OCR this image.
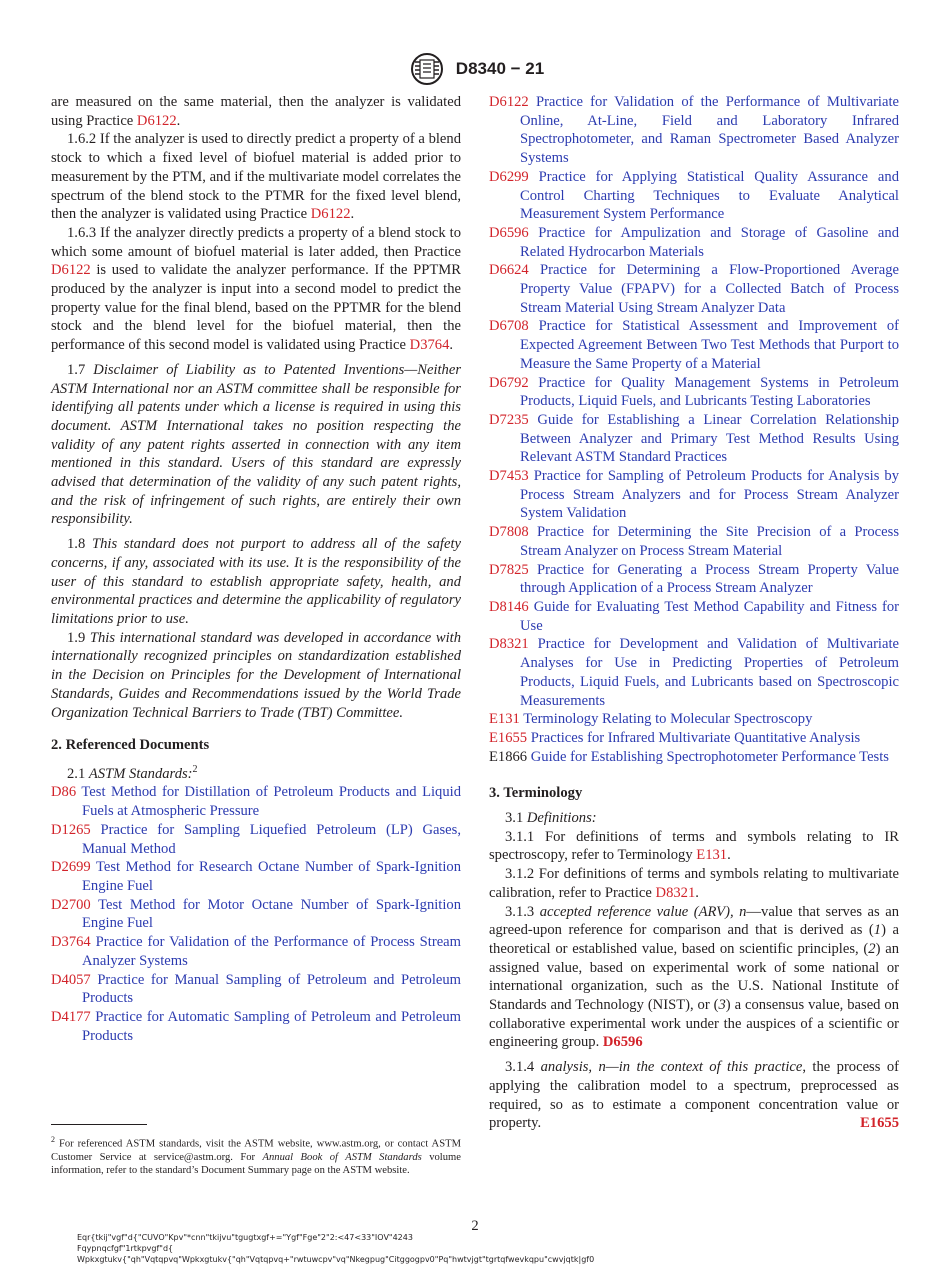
D8340 − 21

are measured on the same material, then the analyzer is validated using Practice D6122.

1.6.2 If the analyzer is used to directly predict a property of a blend stock to which a fixed level of biofuel material is added prior to measurement by the PTM, and if the multivariate model correlates the spectrum of the blend stock to the PTMR for the fixed level blend, then the analyzer is validated using Practice D6122.

1.6.3 If the analyzer directly predicts a property of a blend stock to which some amount of biofuel material is later added, then Practice D6122 is used to validate the analyzer performance. If the PPTMR produced by the analyzer is input into a second model to predict the property value for the final blend, based on the PPTMR for the blend stock and the blend level for the biofuel material, then the performance of this second model is validated using Practice D3764.

1.7 Disclaimer of Liability as to Patented Inventions—Neither ASTM International nor an ASTM committee shall be responsible for identifying all patents under which a license is required in using this document. ASTM International takes no position respecting the validity of any patent rights asserted in connection with any item mentioned in this standard. Users of this standard are expressly advised that determination of the validity of any such patent rights, and the risk of infringement of such rights, are entirely their own responsibility.

1.8 This standard does not purport to address all of the safety concerns, if any, associated with its use. It is the responsibility of the user of this standard to establish appropriate safety, health, and environmental practices and determine the applicability of regulatory limitations prior to use.

1.9 This international standard was developed in accordance with internationally recognized principles on standardization established in the Decision on Principles for the Development of International Standards, Guides and Recommendations issued by the World Trade Organization Technical Barriers to Trade (TBT) Committee.

2. Referenced Documents

2.1 ASTM Standards:$^2$

D86 Test Method for Distillation of Petroleum Products and Liquid Fuels at Atmospheric Pressure

D1265 Practice for Sampling Liquefied Petroleum (LP) Gases, Manual Method

D2699 Test Method for Research Octane Number of Spark-Ignition Engine Fuel

D2700 Test Method for Motor Octane Number of Spark-Ignition Engine Fuel

D3764 Practice for Validation of the Performance of Process Stream Analyzer Systems

D4057 Practice for Manual Sampling of Petroleum and Petroleum Products

D4177 Practice for Automatic Sampling of Petroleum and Petroleum Products

D6122 Practice for Validation of the Performance of Multivariate Online, At-Line, Field and Laboratory Infrared Spectrophotometer, and Raman Spectrometer Based Analyzer Systems

D6299 Practice for Applying Statistical Quality Assurance and Control Charting Techniques to Evaluate Analytical Measurement System Performance

D6596 Practice for Ampulization and Storage of Gasoline and Related Hydrocarbon Materials

D6624 Practice for Determining a Flow-Proportioned Average Property Value (FPAPV) for a Collected Batch of Process Stream Material Using Stream Analyzer Data

D6708 Practice for Statistical Assessment and Improvement of Expected Agreement Between Two Test Methods that Purport to Measure the Same Property of a Material

D6792 Practice for Quality Management Systems in Petroleum Products, Liquid Fuels, and Lubricants Testing Laboratories

D7235 Guide for Establishing a Linear Correlation Relationship Between Analyzer and Primary Test Method Results Using Relevant ASTM Standard Practices

D7453 Practice for Sampling of Petroleum Products for Analysis by Process Stream Analyzers and for Process Stream Analyzer System Validation

D7808 Practice for Determining the Site Precision of a Process Stream Analyzer on Process Stream Material

D7825 Practice for Generating a Process Stream Property Value through Application of a Process Stream Analyzer

D8146 Guide for Evaluating Test Method Capability and Fitness for Use

D8321 Practice for Development and Validation of Multivariate Analyses for Use in Predicting Properties of Petroleum Products, Liquid Fuels, and Lubricants based on Spectroscopic Measurements

E131 Terminology Relating to Molecular Spectroscopy

E1655 Practices for Infrared Multivariate Quantitative Analysis

E1866 Guide for Establishing Spectrophotometer Performance Tests

3. Terminology

3.1 Definitions:

3.1.1 For definitions of terms and symbols relating to IR spectroscopy, refer to Terminology E131.

3.1.2 For definitions of terms and symbols relating to multivariate calibration, refer to Practice D8321.

3.1.3 accepted reference value (ARV), n—value that serves as an agreed-upon reference for comparison and that is derived as (1) a theoretical or established value, based on scientific principles, (2) an assigned value, based on experimental work of some national or international organization, such as the U.S. National Institute of Standards and Technology (NIST), or (3) a consensus value, based on collaborative experimental work under the auspices of a scientific or engineering group. D6596

3.1.4 analysis, n—in the context of this practice, the process of applying the calibration model to a spectrum, preprocessed as required, so as to estimate a component concentration value or property.	E1655

$^2$ For referenced ASTM standards, visit the ASTM website, www.astm.org, or contact ASTM Customer Service at service@astm.org. For Annual Book of ASTM Standards volume information, refer to the standard’s Document Summary page on the ASTM website.
2
Eqr{tkij"vgf"d{"CUVO"Kpv"*cnn"tkijvu"tgugtxgf+="Ygf"Fge"2"2:<47<33"IOV"4243
Fqypnqcfgf"1rtkpvgf"d{
Wpkxgtukv{"qh"Vqtqpvq"Wpkxgtukv{"qh"Vqtqpvq+"rwtuwcpv"vq"Nkegpug"Citggogpv0"Pq"hwtvjgt"tgrtqfwevkqpu"cwvjqtk|gf0
